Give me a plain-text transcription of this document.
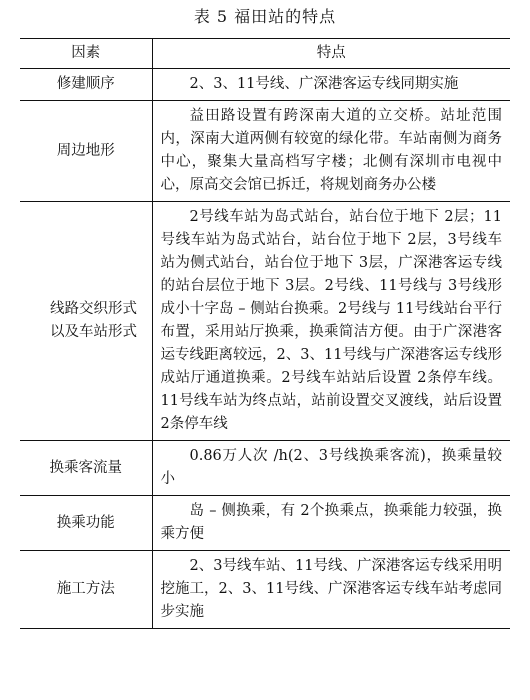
表 5 福田站的特点
因素	特点
修建顺序	2、3、11号线、广深港客运专线同期实施
周边地形	益田路设置有跨深南大道的立交桥。站址范围内，深南大道两侧有较宽的绿化带。车站南侧为商务中心，聚集大量高档写字楼；北侧有深圳市电视中心，原高交会馆已拆迁，将规划商务办公楼
线路交织形式以及车站形式	2号线车站为岛式站台，站台位于地下 2层；11号线车站为岛式站台，站台位于地下 2层，3号线车站为侧式站台，站台位于地下 3层，广深港客运专线的站台层位于地下 3层。2号线、11号线与 3号线形成小十字岛 – 侧站台换乘。2号线与 11号线站台平行布置，采用站厅换乘，换乘简洁方便。由于广深港客运专线距离较远，2、3、11号线与广深港客运专线形成站厅通道换乘。2号线车站站后设置 2条停车线。11号线车站为终点站，站前设置交叉渡线，站后设置 2条停车线
换乘客流量	0.86万人次 /h(2、3号线换乘客流)，换乘量较小
换乘功能	岛 – 侧换乘，有 2个换乘点，换乘能力较强，换乘方便
施工方法	2、3号线车站、11号线、广深港客运专线采用明挖施工，2、3、11号线、广深港客运专线车站考虑同步实施
